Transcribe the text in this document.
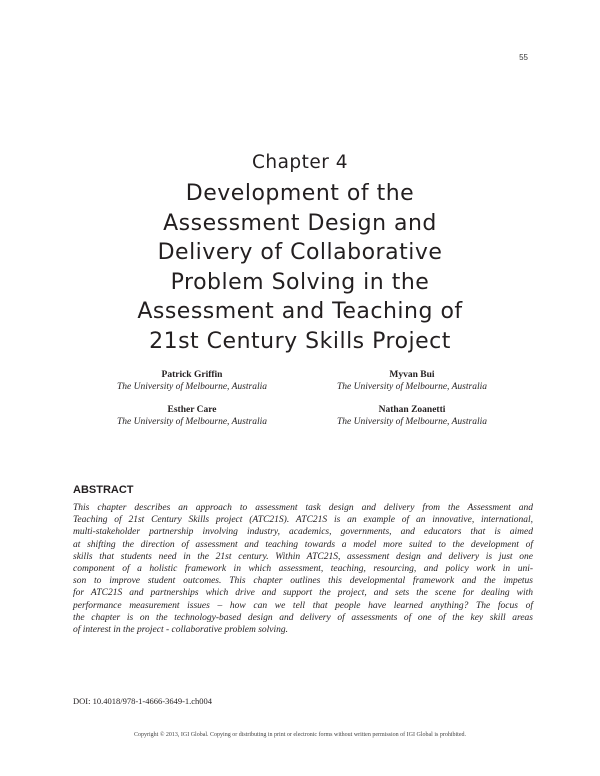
55
Chapter 4
Development of the
Assessment Design and
Delivery of Collaborative
Problem Solving in the
Assessment and Teaching of
21st Century Skills Project
Patrick Griffin
The University of Melbourne, Australia
Myvan Bui
The University of Melbourne, Australia
Esther Care
The University of Melbourne, Australia
Nathan Zoanetti
The University of Melbourne, Australia
ABSTRACT
This chapter describes an approach to assessment task design and delivery from the Assessment and
Teaching of 21st Century Skills project (ATC21S). ATC21S is an example of an innovative, international,
multi-stakeholder partnership involving industry, academics, governments, and educators that is aimed
at shifting the direction of assessment and teaching towards a model more suited to the development of
skills that students need in the 21st century. Within ATC21S, assessment design and delivery is just one
component of a holistic framework in which assessment, teaching, resourcing, and policy work in uni-
son to improve student outcomes. This chapter outlines this developmental framework and the impetus
for ATC21S and partnerships which drive and support the project, and sets the scene for dealing with
performance measurement issues – how can we tell that people have learned anything? The focus of
the chapter is on the technology-based design and delivery of assessments of one of the key skill areas
of interest in the project - collaborative problem solving.
DOI: 10.4018/978-1-4666-3649-1.ch004
Copyright © 2013, IGI Global. Copying or distributing in print or electronic forms without written permission of IGI Global is prohibited.
